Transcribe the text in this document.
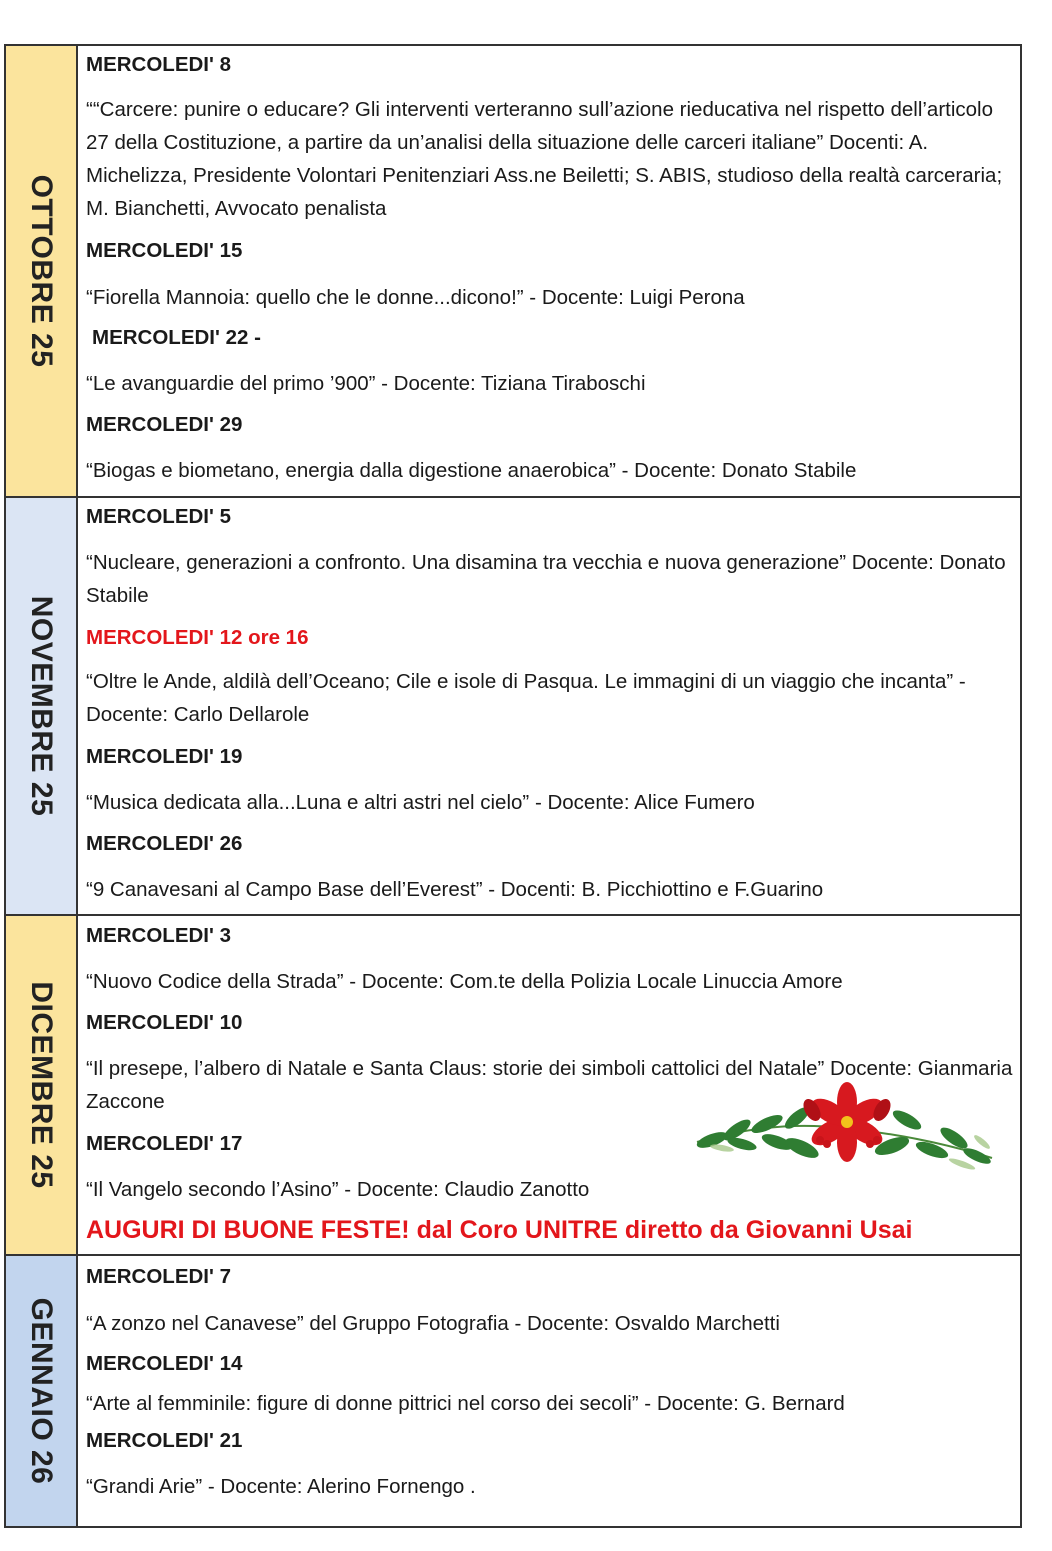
OTTOBRE 25
MERCOLEDI' 8
““Carcere: punire o educare? Gli interventi verteranno sull’azione rieducativa nel rispetto dell’articolo 27 della Costituzione, a partire da un’analisi della situazione delle carceri italiane” Docenti: A. Michelizza, Presidente Volontari Penitenziari Ass.ne Beiletti; S. ABIS, studioso della realtà carceraria; M. Bianchetti, Avvocato penalista
MERCOLEDI' 15
“Fiorella Mannoia: quello che le donne...dicono!” - Docente: Luigi Perona
MERCOLEDI' 22 -
“Le avanguardie del primo ’900” - Docente: Tiziana Tiraboschi
MERCOLEDI' 29
“Biogas e biometano, energia dalla digestione anaerobica” - Docente: Donato Stabile
NOVEMBRE 25
MERCOLEDI' 5
“Nucleare, generazioni a confronto. Una disamina tra vecchia e nuova generazione” Docente: Donato Stabile
MERCOLEDI' 12 ore 16
“Oltre le Ande, aldilà dell’Oceano; Cile e isole di Pasqua. Le immagini di un viaggio che incanta” - Docente: Carlo Dellarole
MERCOLEDI' 19
“Musica dedicata alla...Luna e altri astri nel cielo” - Docente: Alice Fumero
MERCOLEDI' 26
“9 Canavesani al Campo Base dell’Everest” - Docenti: B. Picchiottino e F.Guarino
DICEMBRE 25
MERCOLEDI' 3
“Nuovo Codice della Strada” - Docente: Com.te della Polizia Locale Linuccia Amore
MERCOLEDI' 10
“Il presepe, l’albero di Natale e Santa Claus: storie dei simboli cattolici del Natale” Docente: Gianmaria Zaccone
MERCOLEDI' 17
“Il Vangelo secondo l’Asino” - Docente: Claudio Zanotto
AUGURI DI BUONE FESTE! dal Coro UNITRE diretto da Giovanni Usai
GENNAIO 26
MERCOLEDI' 7
“A zonzo nel Canavese” del Gruppo Fotografia - Docente: Osvaldo Marchetti
MERCOLEDI' 14
“Arte al femminile: figure di donne pittrici nel corso dei secoli” - Docente: G. Bernard
MERCOLEDI' 21
“Grandi Arie” - Docente: Alerino Fornengo .
